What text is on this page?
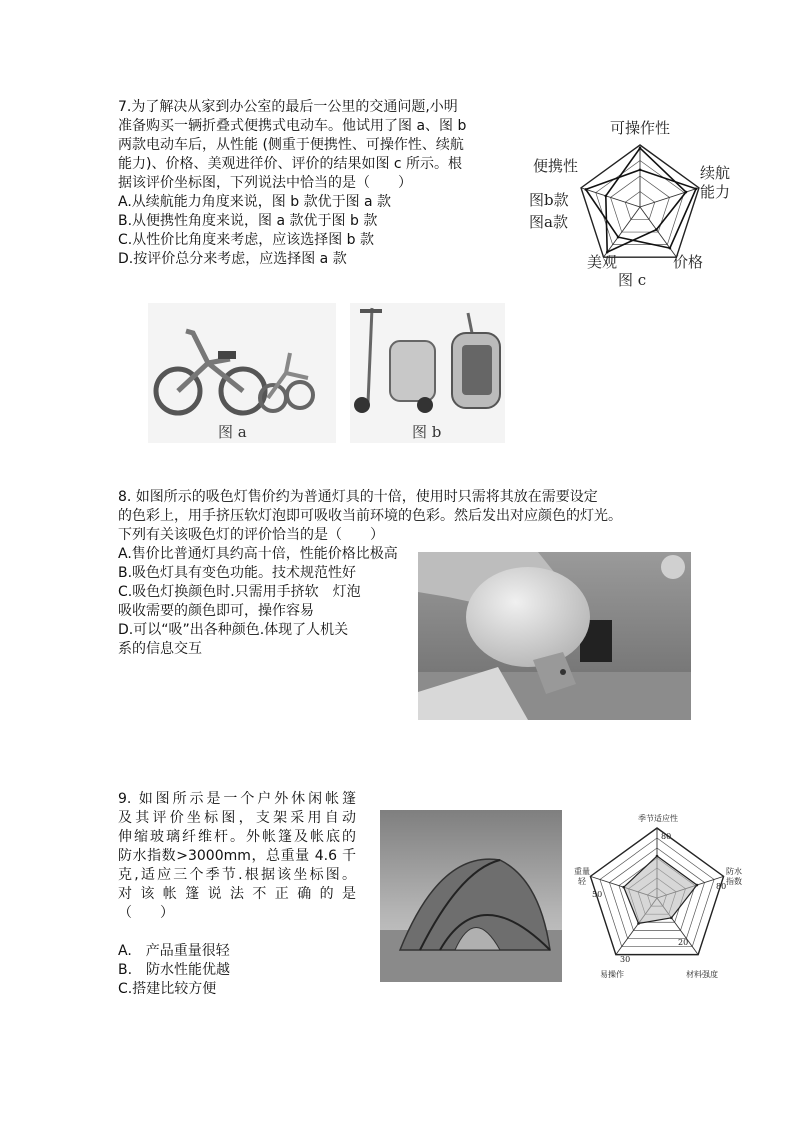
7.为了解决从家到办公室的最后一公里的交通问题,小明

准备购买一辆折叠式便携式电动车。他试用了图 a、图 b

两款电动车后，从性能 (侧重于便携性、可操作性、续航

能力)、价格、美观进徉价、评价的结果如图 c 所示。根

据该评价坐标图，下列说法中恰当的是（　　）

A.从续航能力角度来说，图 b 款优于图 a 款

B.从便携性角度来说，图 a 款优于图 b 款

C.从性价比角度来考虑，应该选择图 b 款

D.按评价总分来考虑，应选择图 a 款

可操作性
便携性	续航
能力
图b款
图a款
美观	价格
图 c
图 a	图 b

8. 如图所示的吸色灯售价约为普通灯具的十倍，使用时只需将其放在需要设定

的色彩上，用手挤压软灯泡即可吸收当前环境的色彩。然后发出对应颜色的灯光。

下列有关该吸色灯的评价恰当的是（　　）

A.售价比普通灯具约高十倍，性能价格比极高

B.吸色灯具有变色功能。技术规范性好

C.吸色灯换颜色时.只需用手挤软　灯泡

吸收需要的颜色即可，操作容易

D.可以“吸”出各种颜色.体现了人机关

系的信息交互

9. 如图所示是一个户外休闲帐篷

及其评价坐标图，支架采用自动

伸缩玻璃纤维杆。外帐篷及帐底的

防水指数>3000mm，总重量 4.6 千

克,适应三个季节.根据该坐标图。

对该帐篷说法不正确的是

（　　）

A.　产品重量很轻

B.　防水性能优越

C.搭建比较方便

季节适应性
防水
指数
重量
轻
易操作	材料强度
80
80
20
30
50
